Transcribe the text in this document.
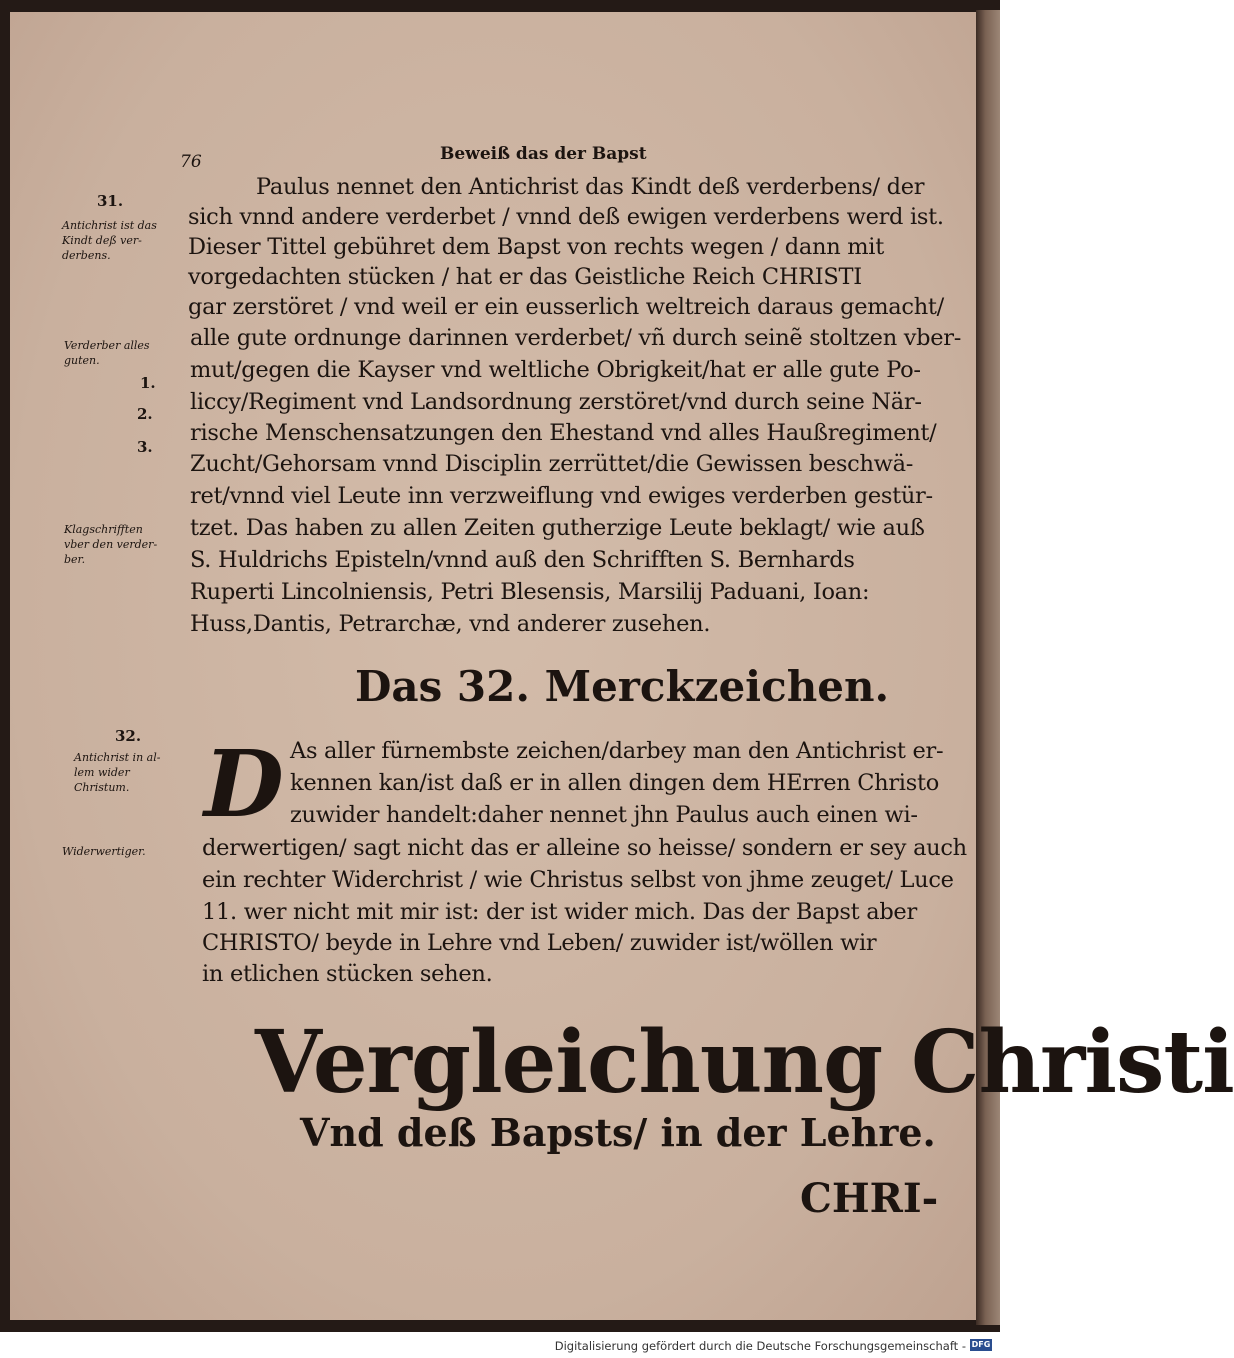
76	Beweiß das der Bapst
31.
Antichrist ist das
Kindt deß ver-
derbens.
Verderber alles
guten.
1.
2.
3.
Klagschrifften
vber den verder-
ber.
32.
Antichrist in al-
lem wider
Christum.
Widerwertiger.
Paulus nennet den Antichrist das Kindt deß verderbens/ der
sich vnnd andere verderbet / vnnd deß ewigen verderbens werd ist.
Dieser Tittel gebühret dem Bapst von rechts wegen / dann mit
vorgedachten stücken / hat er das Geistliche Reich CHRISTI
gar zerstöret / vnd weil er ein eusserlich weltreich daraus gemacht/
alle gute ordnunge darinnen verderbet/ vñ durch seinẽ stoltzen vber-
mut/gegen die Kayser vnd weltliche Obrigkeit/hat er alle gute Po-
liccy/Regiment vnd Landsordnung zerstöret/vnd durch seine När-
rische Menschensatzungen den Ehestand vnd alles Haußregiment/
Zucht/Gehorsam vnnd Disciplin zerrüttet/die Gewissen beschwä-
ret/vnnd viel Leute inn verzweiflung vnd ewiges verderben gestür-
tzet. Das haben zu allen Zeiten gutherzige Leute beklagt/ wie auß
S. Huldrichs Episteln/vnnd auß den Schrifften S. Bernhards
Ruperti Lincolniensis, Petri Blesensis, Marsilij Paduani, Ioan:
Huss,Dantis, Petrarchæ, vnd anderer zusehen.
Das 32. Merckzeichen.
D As aller fürnembste zeichen/darbey man den Antichrist er-
kennen kan/ist daß er in allen dingen dem HErren Christo
zuwider handelt:daher nennet jhn Paulus auch einen wi-
derwertigen/ sagt nicht das er alleine so heisse/ sondern er sey auch
ein rechter Widerchrist / wie Christus selbst von jhme zeuget/ Luce
11. wer nicht mit mir ist: der ist wider mich. Das der Bapst aber
CHRISTO/ beyde in Lehre vnd Leben/ zuwider ist/wöllen wir
in etlichen stücken sehen.
Vergleichung Christi
Vnd deß Bapsts/ in der Lehre.
CHRI-
Digitalisierung gefördert durch die Deutsche Forschungsgemeinschaft - DFG
